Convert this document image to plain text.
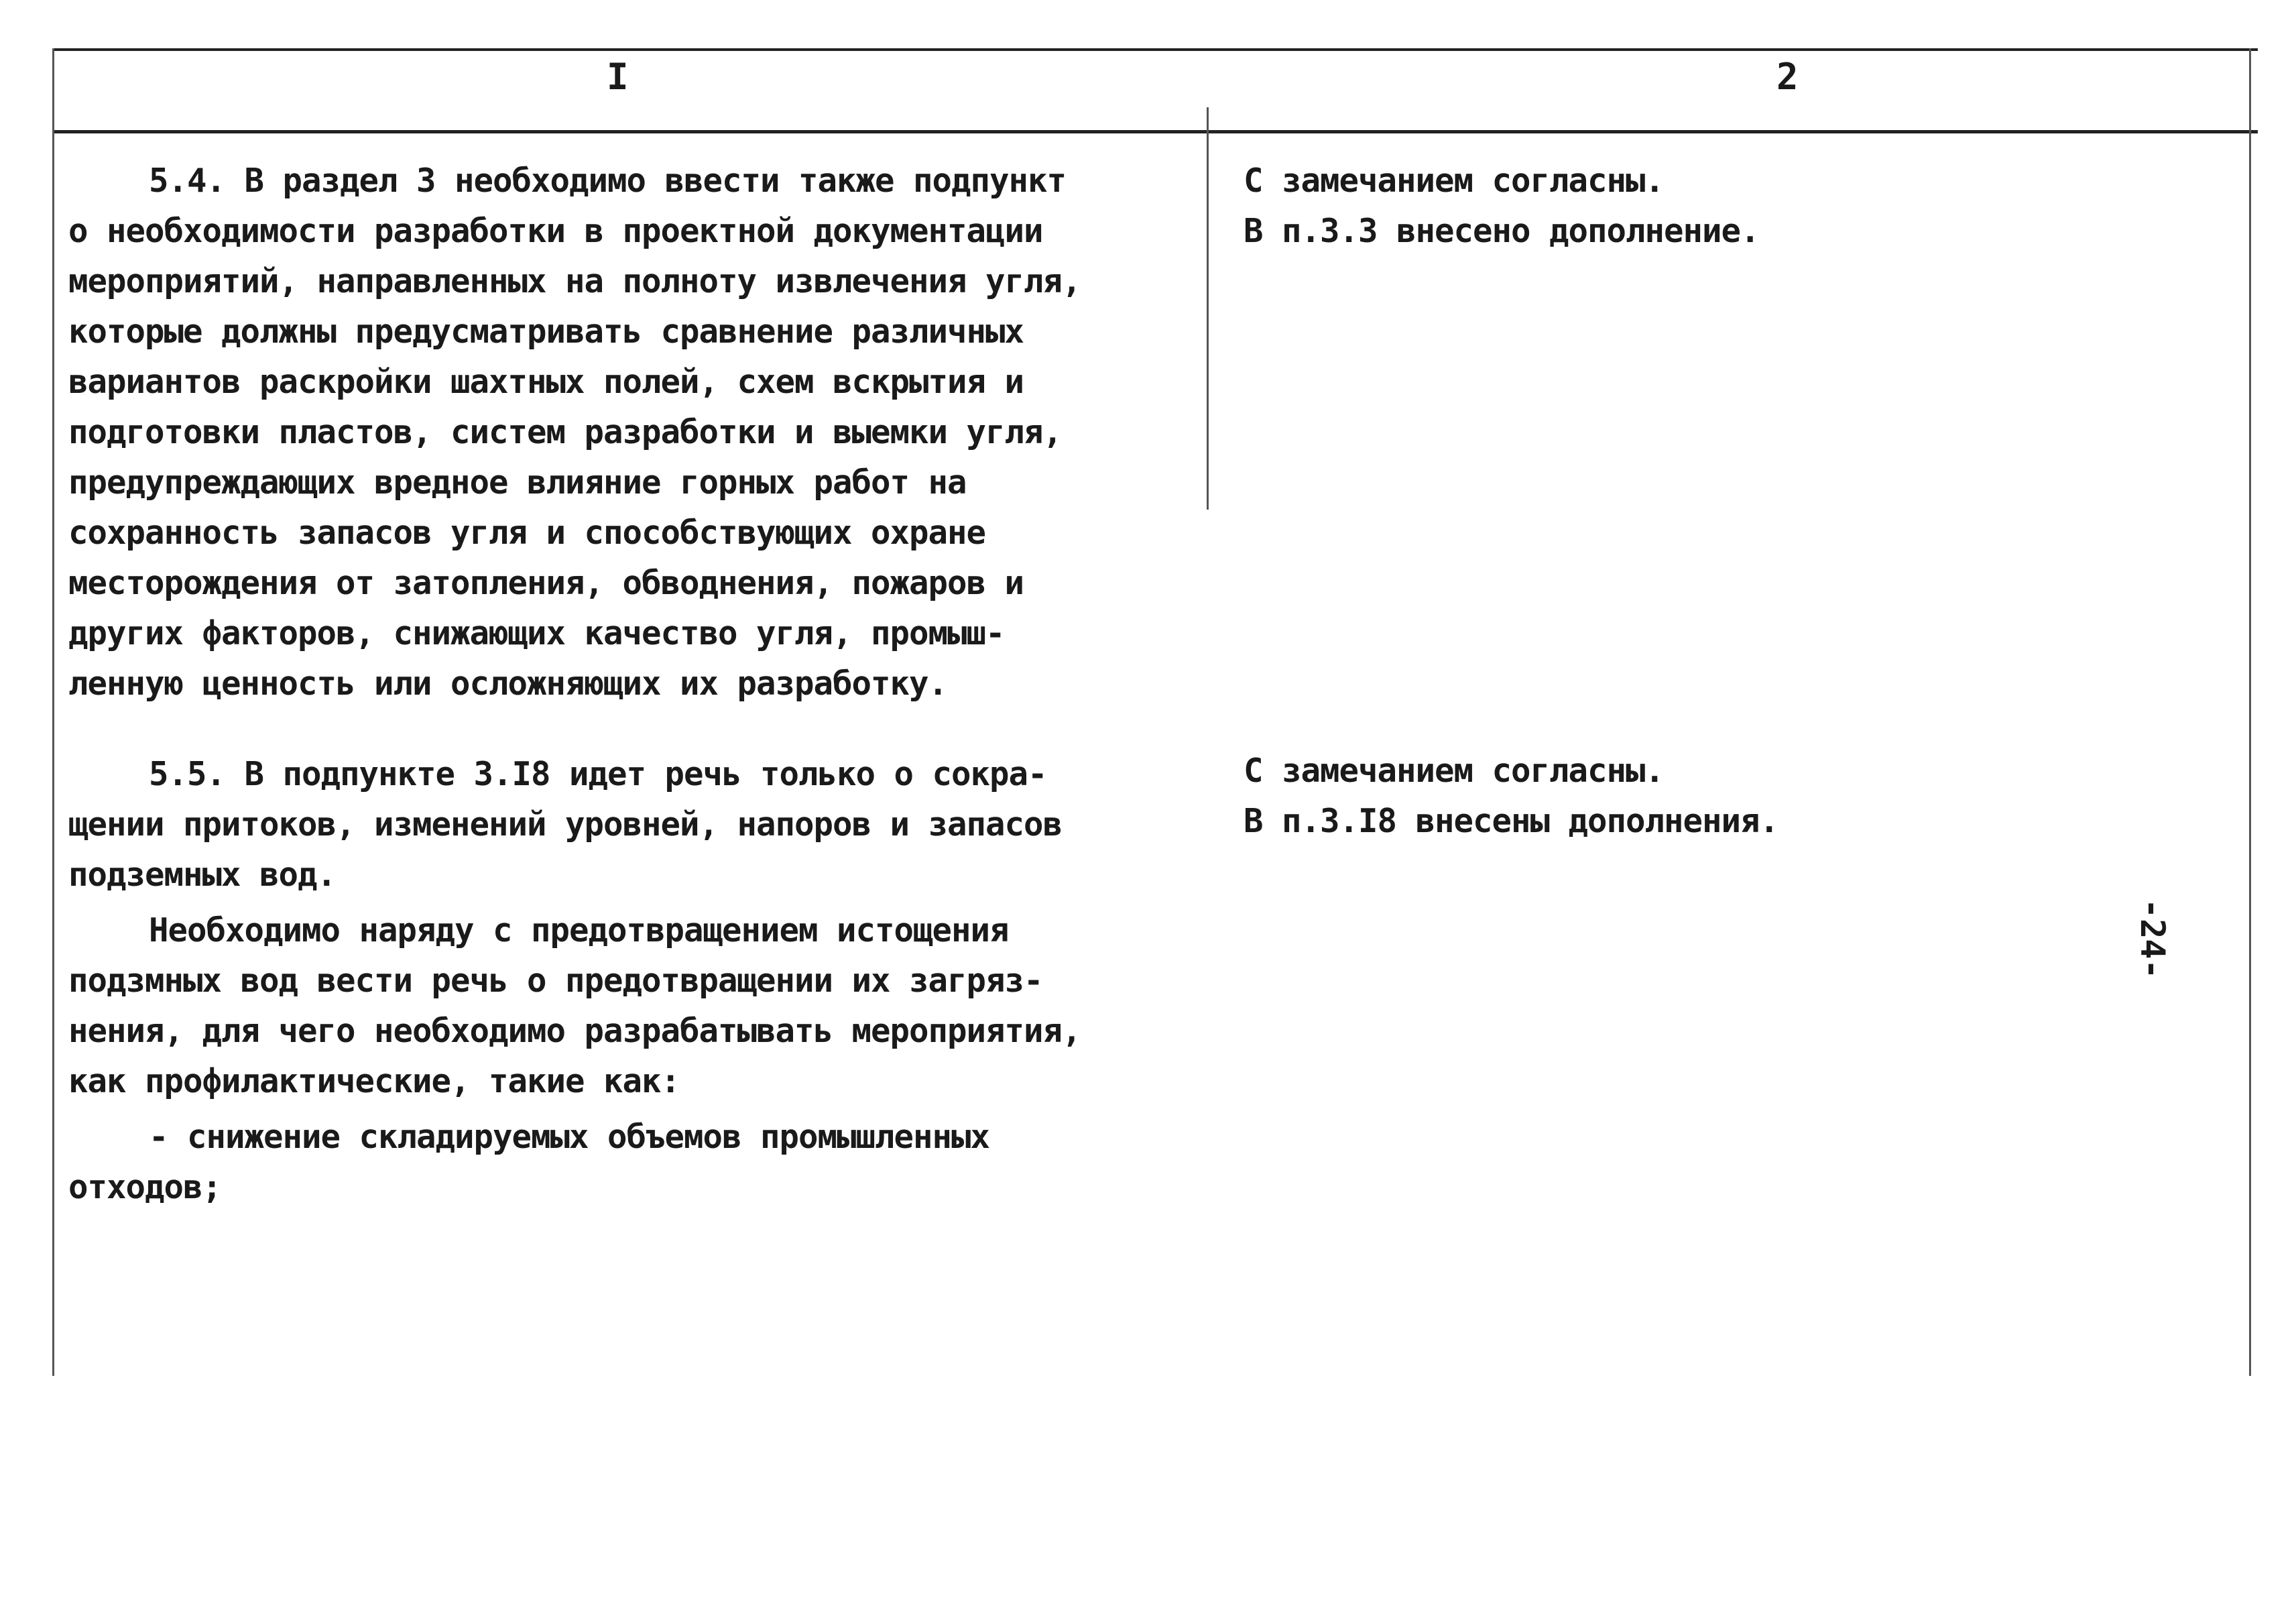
I	2

5.4. В раздел 3 необходимо ввести также подпункт
о необходимости разработки в проектной документации
мероприятий, направленных на полноту извлечения угля,
которые должны предусматривать сравнение различных
вариантов раскройки шахтных полей, схем вскрытия и
подготовки пластов, систем разработки и выемки угля,
предупреждающих вредное влияние горных работ на
сохранность запасов угля и способствующих охране
месторождения от затопления, обводнения, пожаров и
других факторов, снижающих качество угля, промыш-
ленную ценность или осложняющих их разработку.

5.5. В подпункте 3.I8 идет речь только о сокра-
щении притоков, изменений уровней, напоров и запасов
подземных вод.

Необходимо наряду с предотвращением истощения
подзмных вод вести речь о предотвращении их загряз-
нения, для чего необходимо разрабатывать мероприятия,
как профилактические, такие как:

- снижение складируемых объемов промышленных
отходов;

С замечанием согласны.
В п.3.3 внесено дополнение.
С замечанием согласны.
В п.3.I8 внесены дополнения.
-24-
